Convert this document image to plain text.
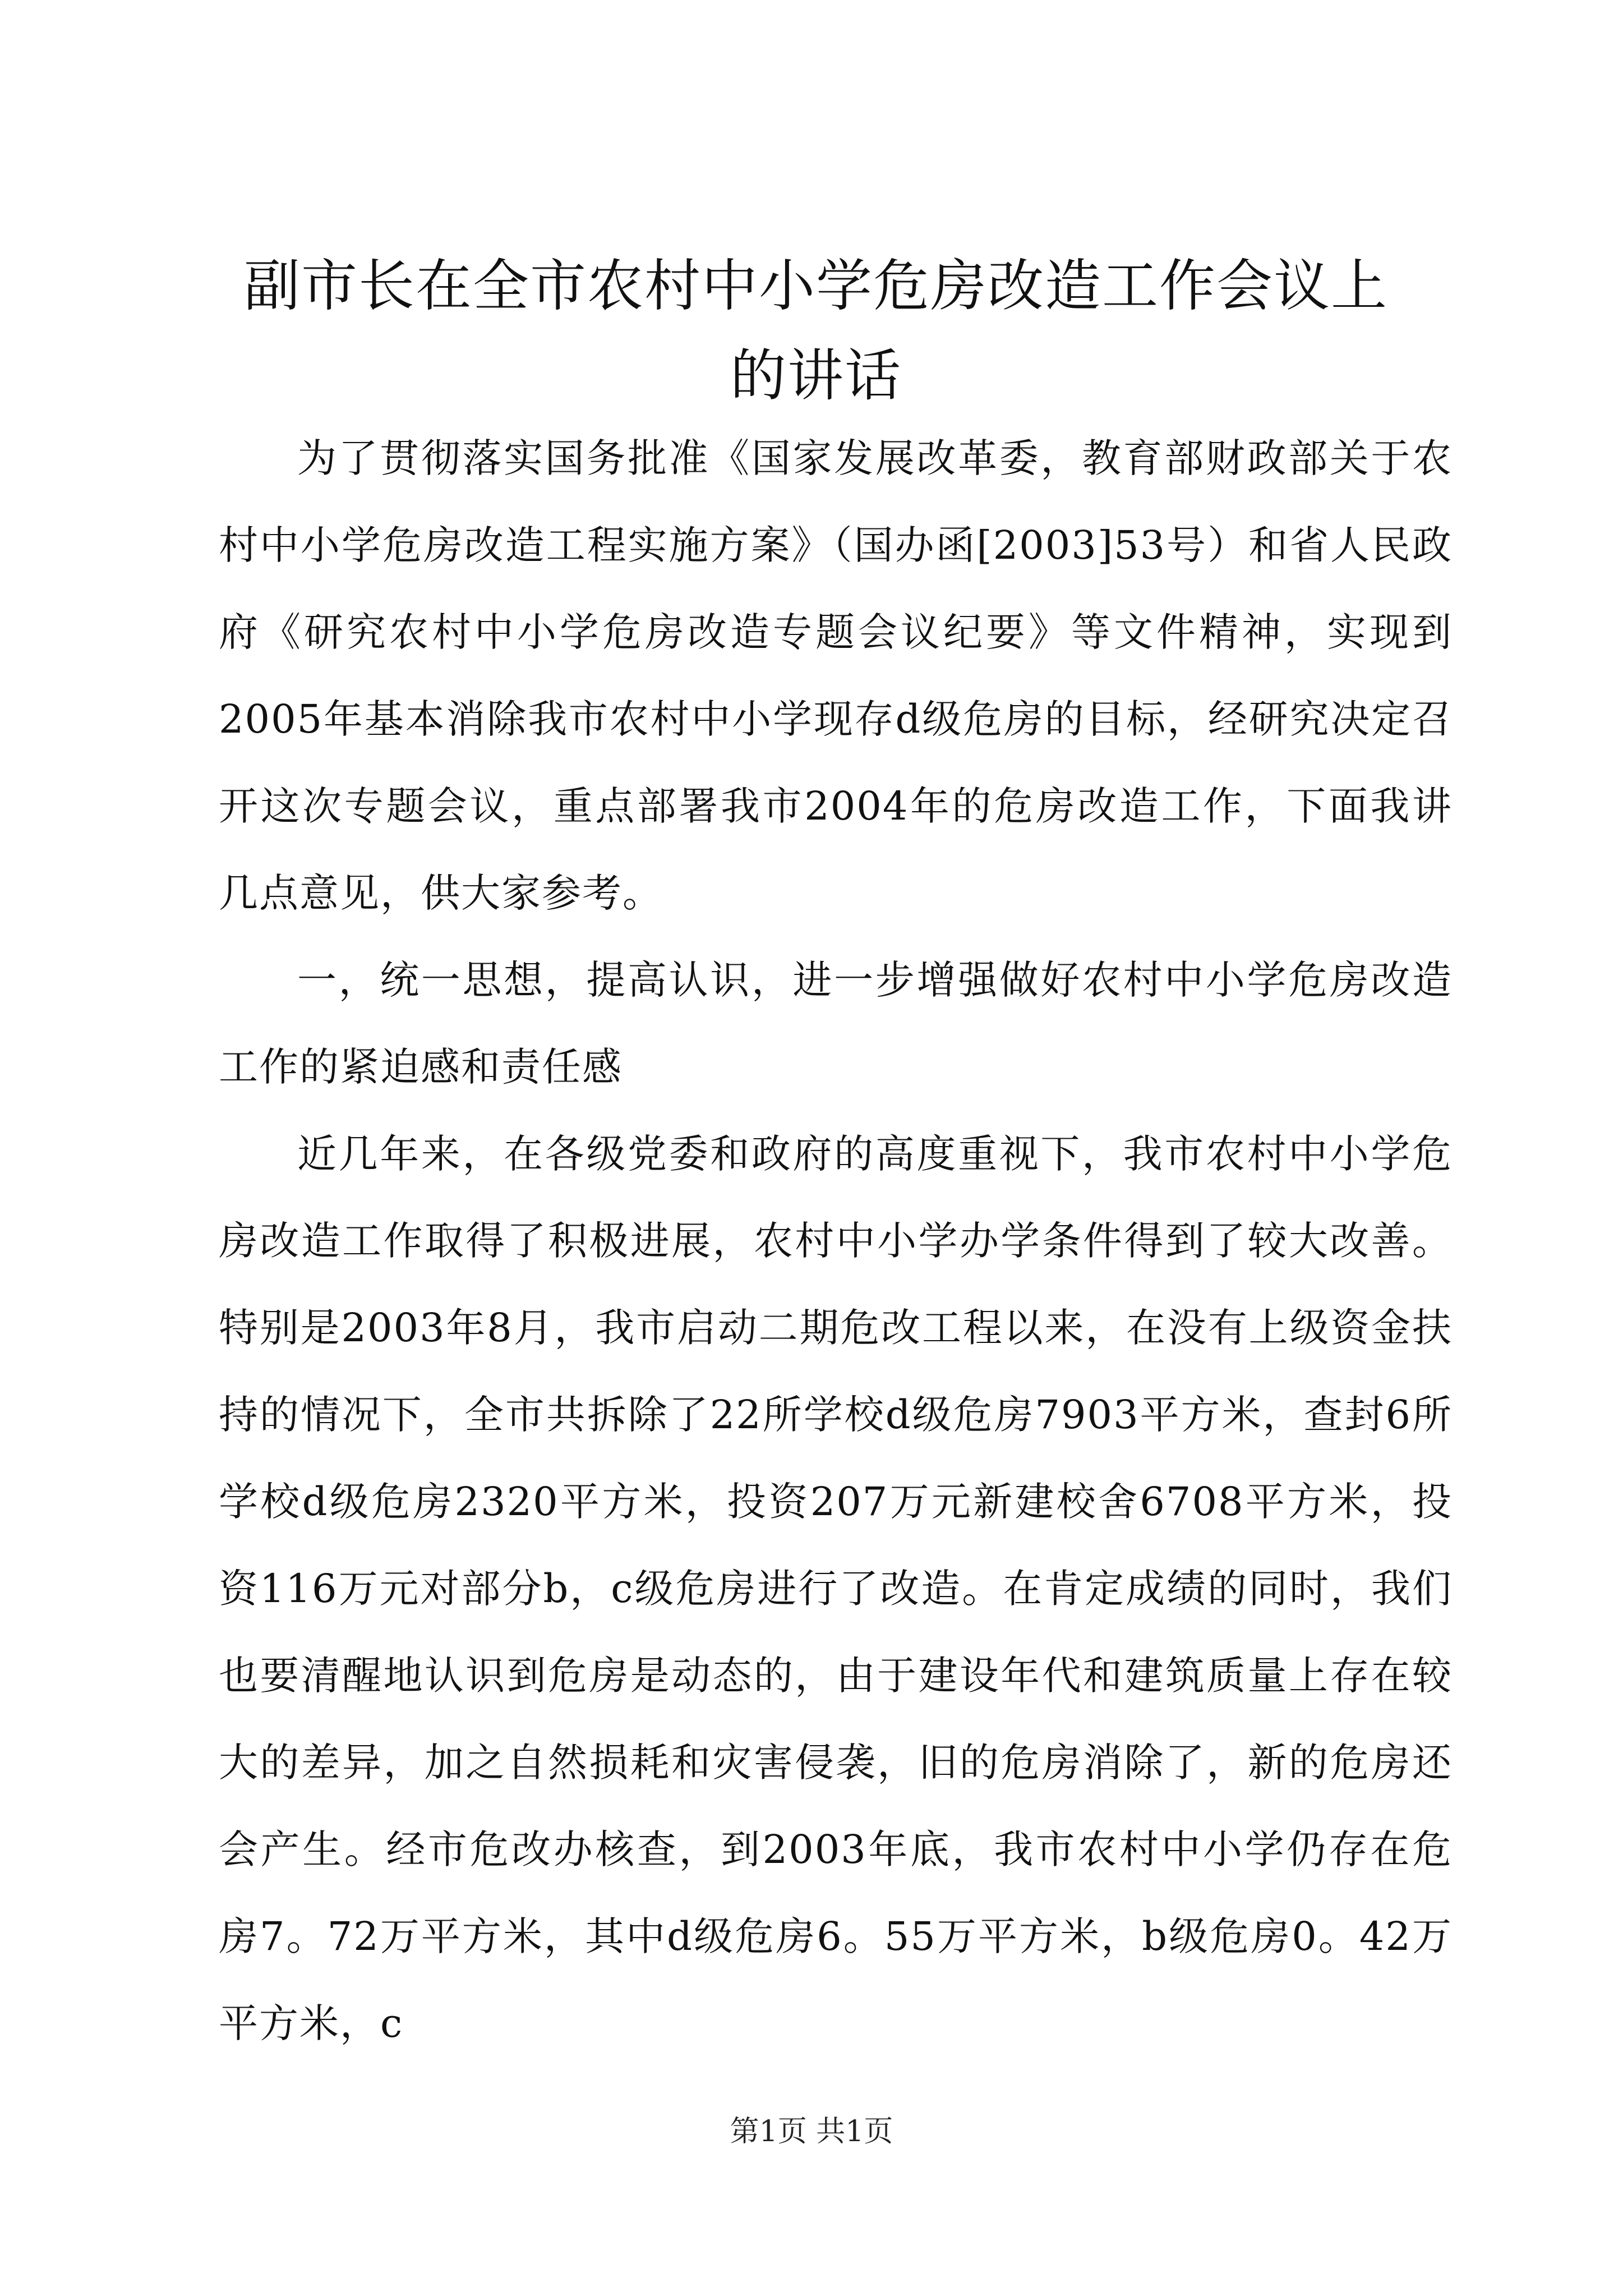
副市长在全市农村中小学危房改造工作会议上
的讲话

为了贯彻落实国务批准《国家发展改革委，教育部财政部关于农村中小学危房改造工程实施方案》（国办函[2003]53号）和省人民政府《研究农村中小学危房改造专题会议纪要》等文件精神，实现到2005年基本消除我市农村中小学现存d级危房的目标，经研究决定召开这次专题会议，重点部署我市2004年的危房改造工作，下面我讲几点意见，供大家参考。

一，统一思想，提高认识，进一步增强做好农村中小学危房改造工作的紧迫感和责任感

近几年来，在各级党委和政府的高度重视下，我市农村中小学危房改造工作取得了积极进展，农村中小学办学条件得到了较大改善。特别是2003年8月，我市启动二期危改工程以来，在没有上级资金扶持的情况下，全市共拆除了22所学校d级危房7903平方米，查封6所学校d级危房2320平方米，投资207万元新建校舍6708平方米，投资116万元对部分b，c级危房进行了改造。在肯定成绩的同时，我们也要清醒地认识到危房是动态的，由于建设年代和建筑质量上存在较大的差异，加之自然损耗和灾害侵袭，旧的危房消除了，新的危房还会产生。经市危改办核查，到2003年底，我市农村中小学仍存在危房7。72万平方米，其中d级危房6。55万平方米，b级危房0。42万平方米，c

第1页 共1页
